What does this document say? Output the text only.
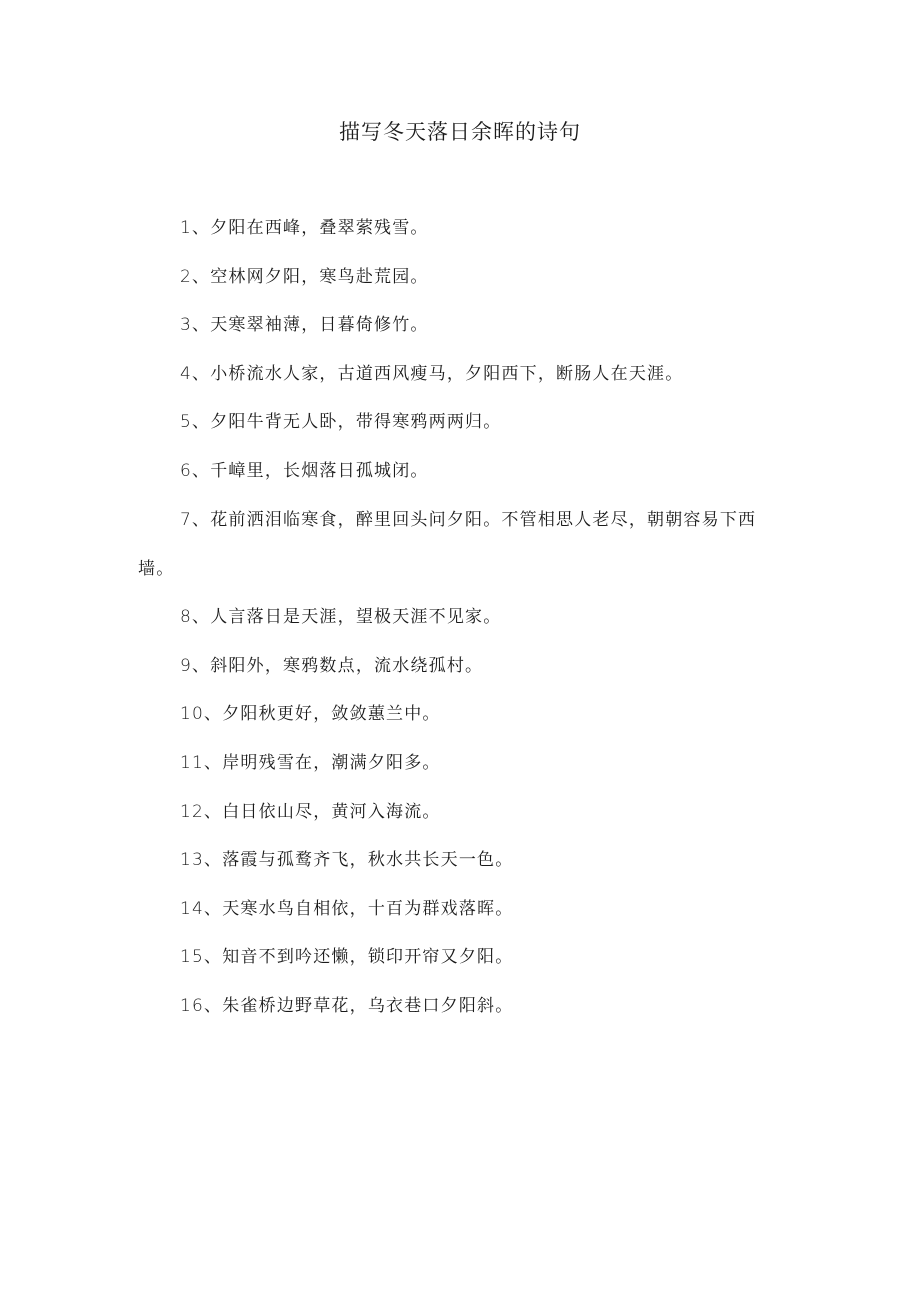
描写冬天落日余晖的诗句
1、夕阳在西峰，叠翠萦残雪。
2、空林网夕阳，寒鸟赴荒园。
3、天寒翠袖薄，日暮倚修竹。
4、小桥流水人家，古道西风瘦马，夕阳西下，断肠人在天涯。
5、夕阳牛背无人卧，带得寒鸦两两归。
6、千嶂里，长烟落日孤城闭。
7、花前洒泪临寒食，醉里回头问夕阳。不管相思人老尽，朝朝容易下西墙。
8、人言落日是天涯，望极天涯不见家。
9、斜阳外，寒鸦数点，流水绕孤村。
10、夕阳秋更好，敛敛蕙兰中。
11、岸明残雪在，潮满夕阳多。
12、白日依山尽，黄河入海流。
13、落霞与孤鹜齐飞，秋水共长天一色。
14、天寒水鸟自相依，十百为群戏落晖。
15、知音不到吟还懒，锁印开帘又夕阳。
16、朱雀桥边野草花，乌衣巷口夕阳斜。
